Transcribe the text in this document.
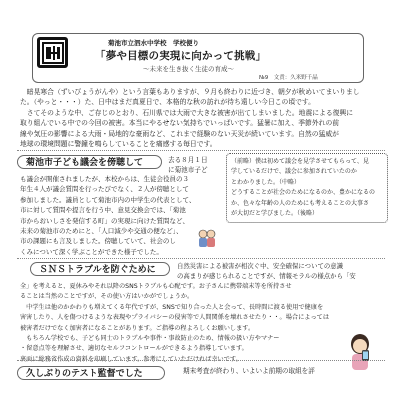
菊池市立泗水中学校　学校便り
「夢や目標の実現に向かって挑戦」
～未来を生き抜く生徒の育成～
№9　文責：久米野千晶
　暗晃寒合（ずいびょうがんや）という言葉もありますが、９月も終わりに近づき、朝夕が秋めいてまいりまし
た。（やっと・・・）た、日中はまだ真夏日で、本格的な秋の訪れが待ち遠しい今日この頃です。
　さてそのような中、ご存じのとおり、石川県では大雨で大きな被害が出てしまいました。地震による復興に
取り組んでいる中での今回の被害。本当にやるせない気持ちでいっぱいです。猛暑に加え、季節外れの前
線や気圧の影響による大雨・局地的な豪雨など、これまで経験のない天災が続いています。自然の猛威が
地球の環境問題に警鐘を鳴らしていることを痛感する毎日です。
菊池市子ども議会を傍聴して	去る８月１日
に菊池市子ど
も議会が開催されましたが、本校からは、生徒会役員の３
年生４人が議会質問を行ったびでなく、２人が傍聴として
参加しました。議員として菊池市内の中学生の代表として、
市に対して質問や提言を行う中、意見交換会では、「菊池
市からおいしさを発信する町」の実現に向けた質問など、
未来の菊池市のためにと、「人口減少や交通の便など」、
市の課題にも言及しました。傍聴していて、社会のし
くみについて深く学ぶことができた様子でした。
（前略）僕は初めて議会を見学させてもらって、見
学しているだけで、議会に参加されていたのか
とわかりました。（中略）
どうすることが社会のためになるのか、豊かになるの
か、色々な年齢の人のためにも考えることの大事さ
が大切だと学びました。（後略）
ＳＮＳトラブルを防ぐために	自然災害による被害が相次ぐ中、安全確保についての意識
の高まりが感じられることですが、情報モラルの様点から「安
全」を考えると、夏休みやそれ以降のSNSトラブルも心配です。お子さんに携帯端末等を所持させ
ることは当然のことですが、その使い方はいかがでしょうか。
　中学生は他のかかわりも増えてくる年代ですが、SNSで知り合った人と会って、長時間に渡る使用で健康を
害害したり、人を傷つけるような表現やプライバシーの侵害等で人間関係を壊れさせたり・・。場合によっては
被害者だけでなく加害者になることがあります。ご指導の程よろしくお願いします。
　もちろん学校でも、子ども同士のトラブルや事件・事故防止のため、情報の扱い方やマナー
・留意点等を理解させ、適切なセルフコントロールができるよう指導しています。
裏面に総務省作成の資料を印刷しています。参考にしていただければ幸いです。
久しぶりのテスト監督でした	期末考査が終わり、いよいよ前期の取組を評
